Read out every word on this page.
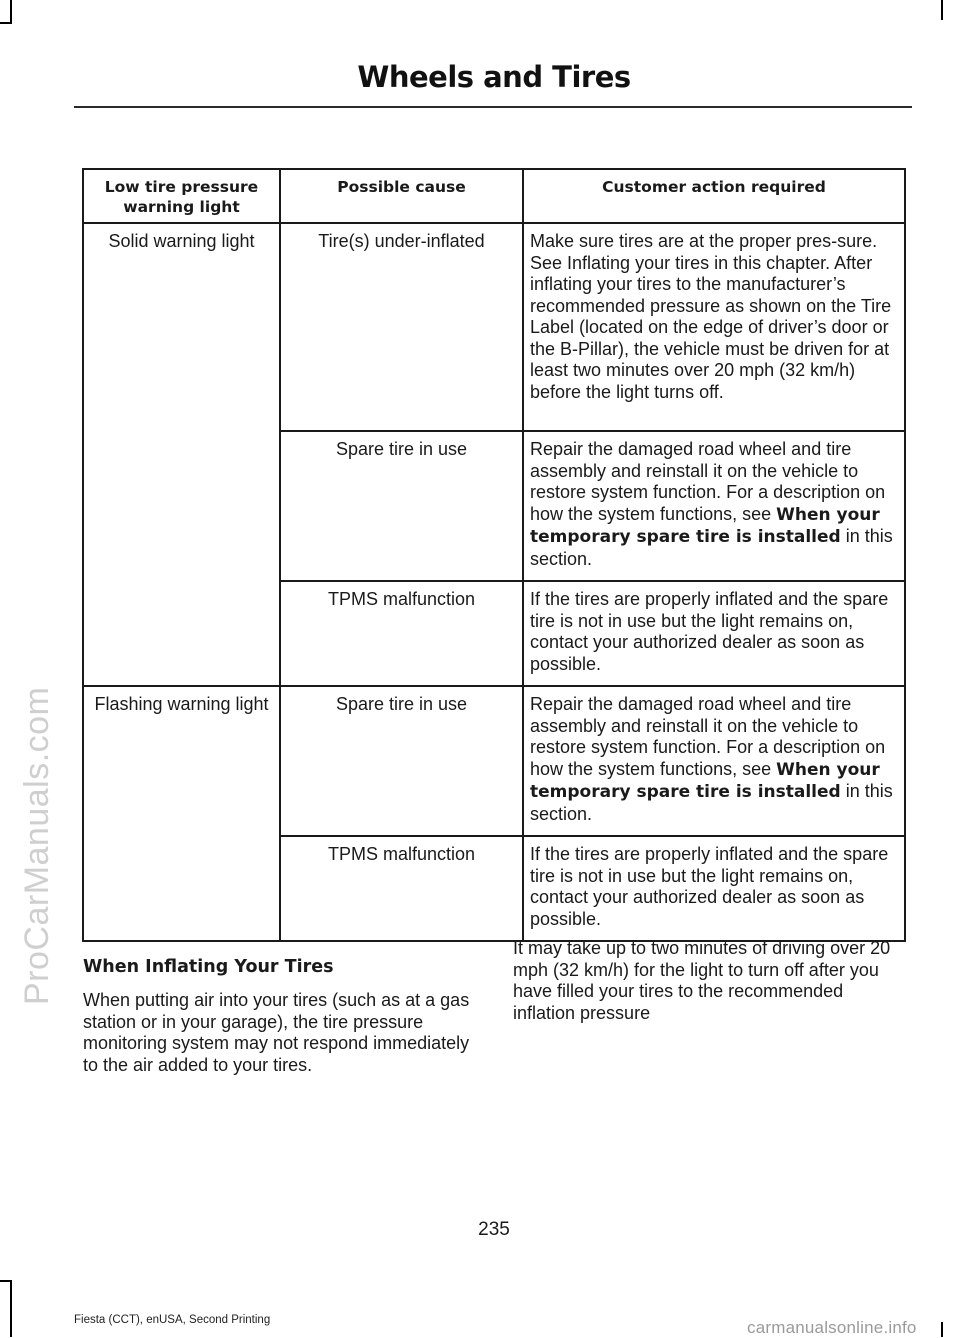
Wheels and Tires
ProCarManuals.com
Low tire pressure warning light	Possible cause	Customer action required
Solid warning light	Tire(s) under-inflated	Make sure tires are at the proper pres-sure. See Inflating your tires in this chapter. After inflating your tires to the manufacturer’s recommended pressure as shown on the Tire Label (located on the edge of driver’s door or the B-Pillar), the vehicle must be driven for at least two minutes over 20 mph (32 km/h) before the light turns off.
	Spare tire in use	Repair the damaged road wheel and tire assembly and reinstall it on the vehicle to restore system function. For a description on how the system functions, see When your temporary spare tire is installed in this section.
	TPMS malfunction	If the tires are properly inflated and the spare tire is not in use but the light remains on, contact your authorized dealer as soon as possible.
Flashing warning light	Spare tire in use	Repair the damaged road wheel and tire assembly and reinstall it on the vehicle to restore system function. For a description on how the system functions, see When your temporary spare tire is installed in this section.
	TPMS malfunction	If the tires are properly inflated and the spare tire is not in use but the light remains on, contact your authorized dealer as soon as possible.
When Inflating Your Tires
When putting air into your tires (such as at a gas station or in your garage), the tire pressure monitoring system may not respond immediately to the air added to your tires.
It may take up to two minutes of driving over 20 mph (32 km/h) for the light to turn off after you have filled your tires to the recommended inflation pressure
235
Fiesta (CCT), enUSA, Second Printing	carmanualsonline.info
